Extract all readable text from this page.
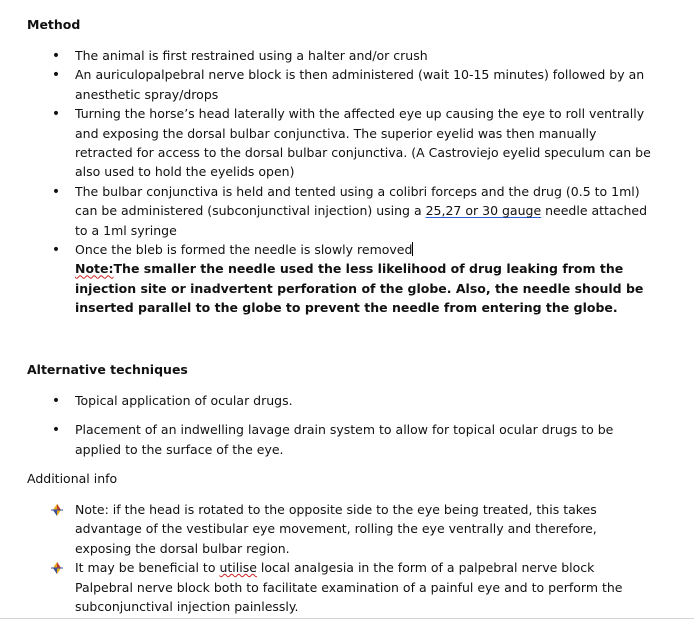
Method
•
The animal is first restrained using a halter and/or crush
•
An auriculopalpebral nerve block is then administered (wait 10-15 minutes) followed by an anesthetic spray/drops
•
Turning the horse’s head laterally with the affected eye up causing the eye to roll ventrally and exposing the dorsal bulbar conjunctiva. The superior eyelid was then manually retracted for access to the dorsal bulbar conjunctiva. (A Castroviejo eyelid speculum can be also used to hold the eyelids open)
•
The bulbar conjunctiva is held and tented using a colibri forceps and the drug (0.5 to 1ml) can be administered (subconjunctival injection) using a 25,27 or 30 gauge needle attached to a 1ml syringe
•
Once the bleb is formed the needle is slowly removed
Note:The smaller the needle used the less likelihood of drug leaking from the injection site or inadvertent perforation of the globe. Also, the needle should be inserted parallel to the globe to prevent the needle from entering the globe.
Alternative techniques
•
Topical application of ocular drugs.
•
Placement of an indwelling lavage drain system to allow for topical ocular drugs to be applied to the surface of the eye.
Additional info
Note: if the head is rotated to the opposite side to the eye being treated, this takes advantage of the vestibular eye movement, rolling the eye ventrally and therefore, exposing the dorsal bulbar region.
It may be beneficial to utilise local analgesia in the form of a palpebral nerve block Palpebral nerve block both to facilitate examination of a painful eye and to perform the subconjunctival injection painlessly.
